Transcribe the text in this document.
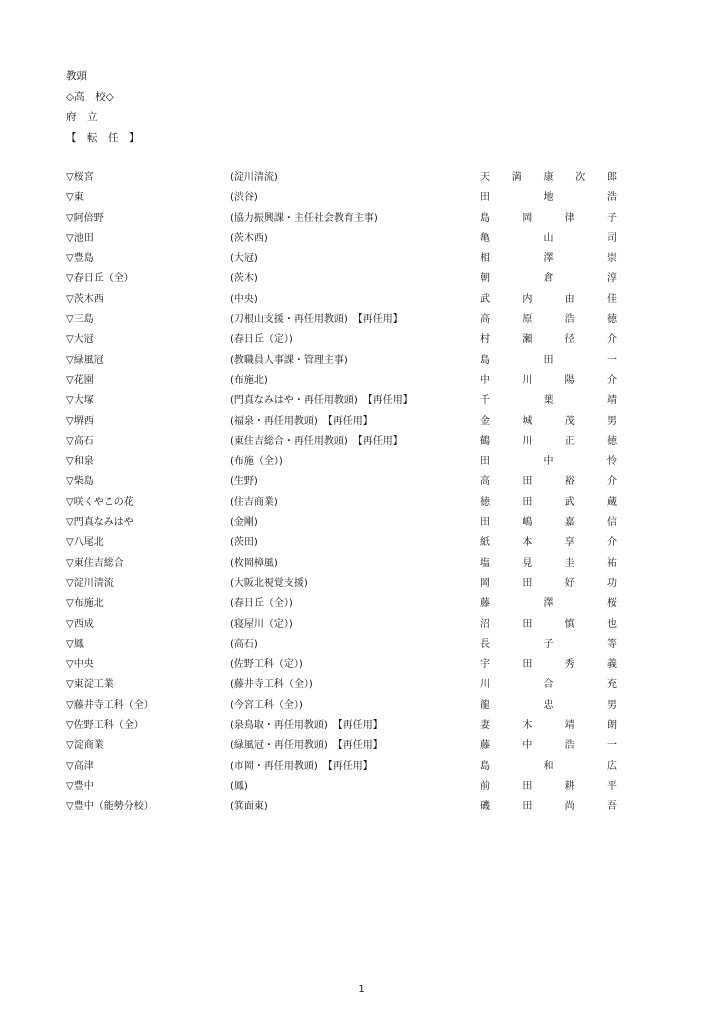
教頭
◇高　校◇
府　立
【　転　任　】
▽桜宮	(淀川清流)	天 満 康 次 郎
▽東	(渋谷)	田	地	浩
▽阿倍野	(協力振興課・主任社会教育主事)	島	岡	律	子
▽池田	(茨木西)	亀	山	司
▽豊島	(大冠)	相	澤	崇
▽春日丘（全）	(茨木)	朝	倉	淳
▽茨木西	(中央)	武	内	由	佳
▽三島	(刀根山支援・再任用教頭)　【再任用】	高	原	浩	徳
▽大冠	(春日丘（定）)	村	瀬	径	介
▽緑風冠	(教職員人事課・管理主事)	島	田	一
▽花園	(布施北)	中	川	陽	介
▽大塚	(門真なみはや・再任用教頭)　【再任用】	千	葉	靖
▽堺西	(福泉・再任用教頭)　【再任用】	金	城	茂	男
▽高石	(東住吉総合・再任用教頭)　【再任用】	鶴	川	正	徳
▽和泉	(布施（全）)	田	中	怜
▽柴島	(生野)	高	田	裕	介
▽咲くやこの花	(住吉商業)	徳	田	武	蔵
▽門真なみはや	(金剛)	田	嶋	嘉	信
▽八尾北	(茨田)	紙	本	享	介
▽東住吉総合	(枚岡樟風)	塩	見	圭	祐
▽淀川清流	(大阪北視覚支援)	岡	田	好	功
▽布施北	(春日丘（全）)	藤	澤	桜
▽西成	(寝屋川（定）)	沼	田	慎	也
▽鳳	(高石)	長	子	等
▽中央	(佐野工科（定）)	宇	田	秀	義
▽東淀工業	(藤井寺工科（全）)	川	合	充
▽藤井寺工科（全）	(今宮工科（全）)	龍	忠	男
▽佐野工科（全）	(泉鳥取・再任用教頭)　【再任用】	妻	木	靖	朗
▽淀商業	(緑風冠・再任用教頭)　【再任用】	藤	中	浩	一
▽高津	(市岡・再任用教頭)　【再任用】	島	和	広
▽豊中	(鳳)	前	田	耕	平
▽豊中（能勢分校）	(箕面東)	磯	田	尚	吾
1
